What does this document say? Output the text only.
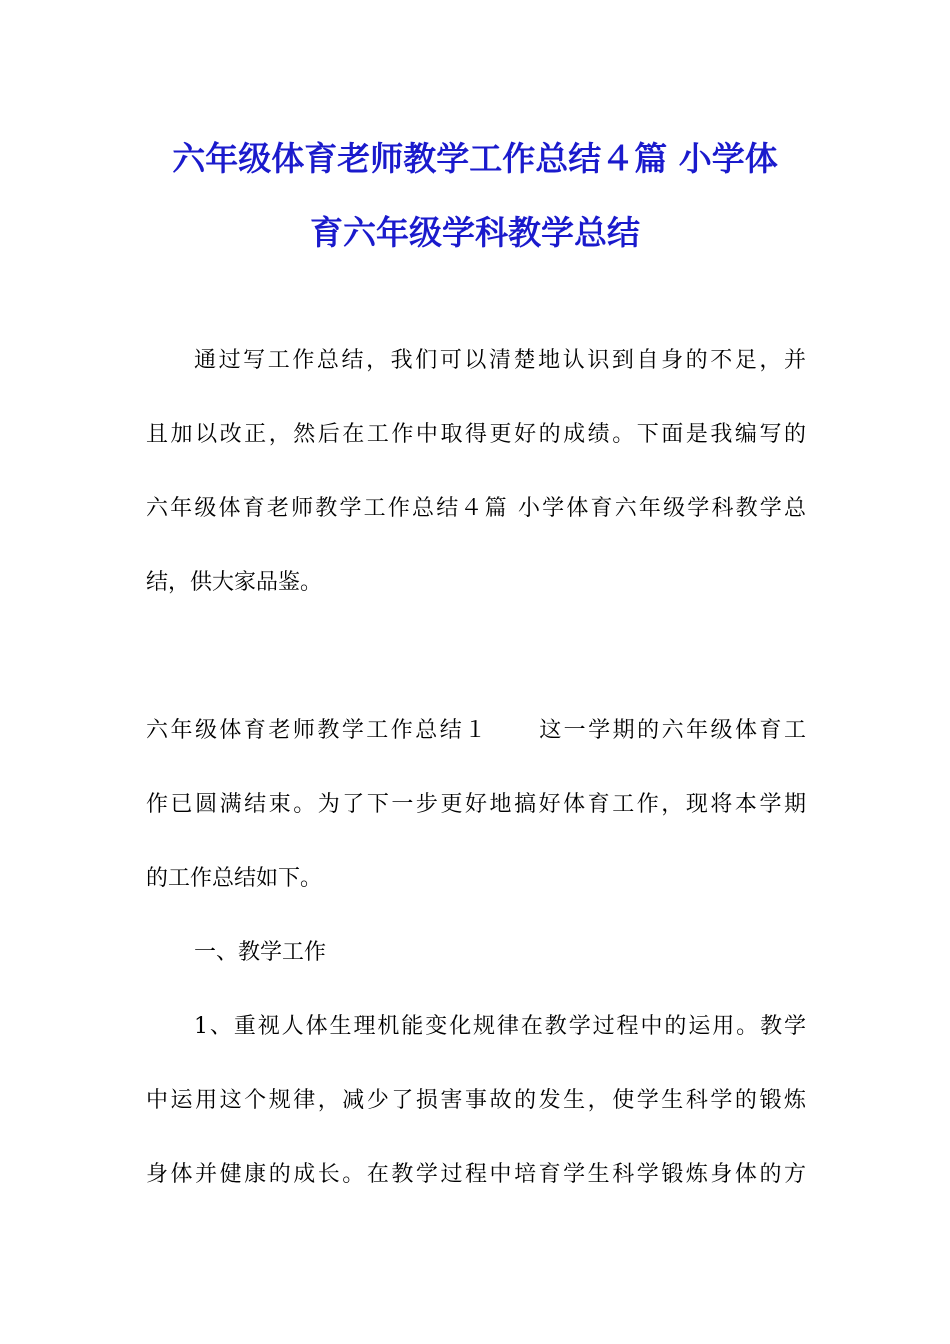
六年级体育老师教学工作总结４篇 小学体
育六年级学科教学总结

通过写工作总结，我们可以清楚地认识到自身的不足，并

且加以改正，然后在工作中取得更好的成绩。下面是我编写的

六年级体育老师教学工作总结４篇 小学体育六年级学科教学总

结，供大家品鉴。

六年级体育老师教学工作总结１ 这一学期的六年级体育工

作已圆满结束。为了下一步更好地搞好体育工作，现将本学期

的工作总结如下。

一、教学工作

1、重视人体生理机能变化规律在教学过程中的运用。教学

中运用这个规律，减少了损害事故的发生，使学生科学的锻炼

身体并健康的成长。在教学过程中培育学生科学锻炼身体的方
